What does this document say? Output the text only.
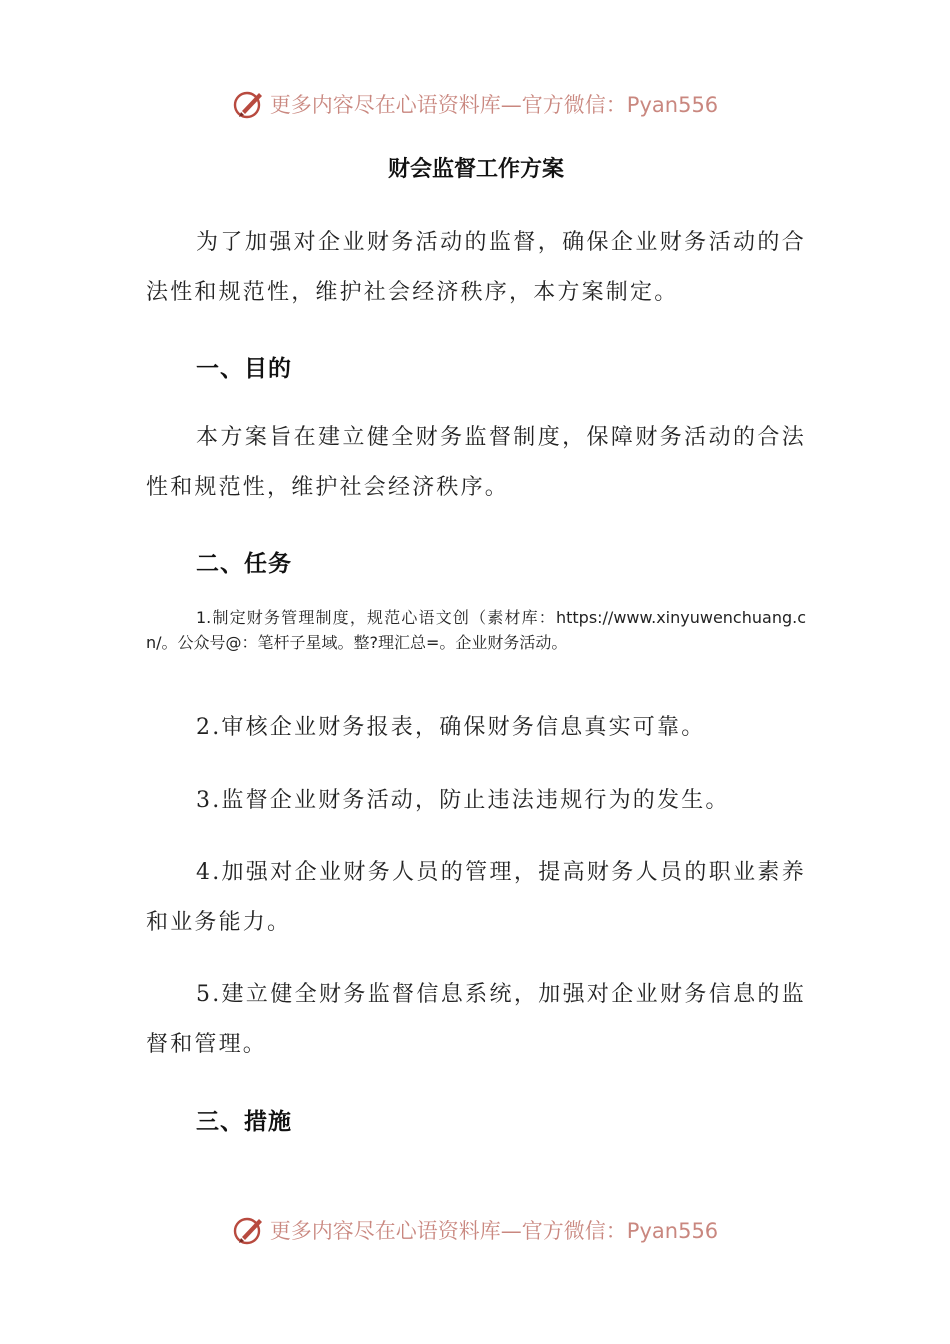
更多内容尽在心语资料库—官方微信：Pyan556
财会监督工作方案

为了加强对企业财务活动的监督，确保企业财务活动的合法性和规范性，维护社会经济秩序，本方案制定。

一、目的

本方案旨在建立健全财务监督制度，保障财务活动的合法性和规范性，维护社会经济秩序。

二、任务

1.制定财务管理制度，规范心语文创（素材库：https://www.xinyuwenchuang.cn/。公众号@：笔杆子星域。整?理汇总=。企业财务活动。

2.审核企业财务报表，确保财务信息真实可靠。

3.监督企业财务活动，防止违法违规行为的发生。

4.加强对企业财务人员的管理，提高财务人员的职业素养和业务能力。

5.建立健全财务监督信息系统，加强对企业财务信息的监督和管理。

三、措施
更多内容尽在心语资料库—官方微信：Pyan556
